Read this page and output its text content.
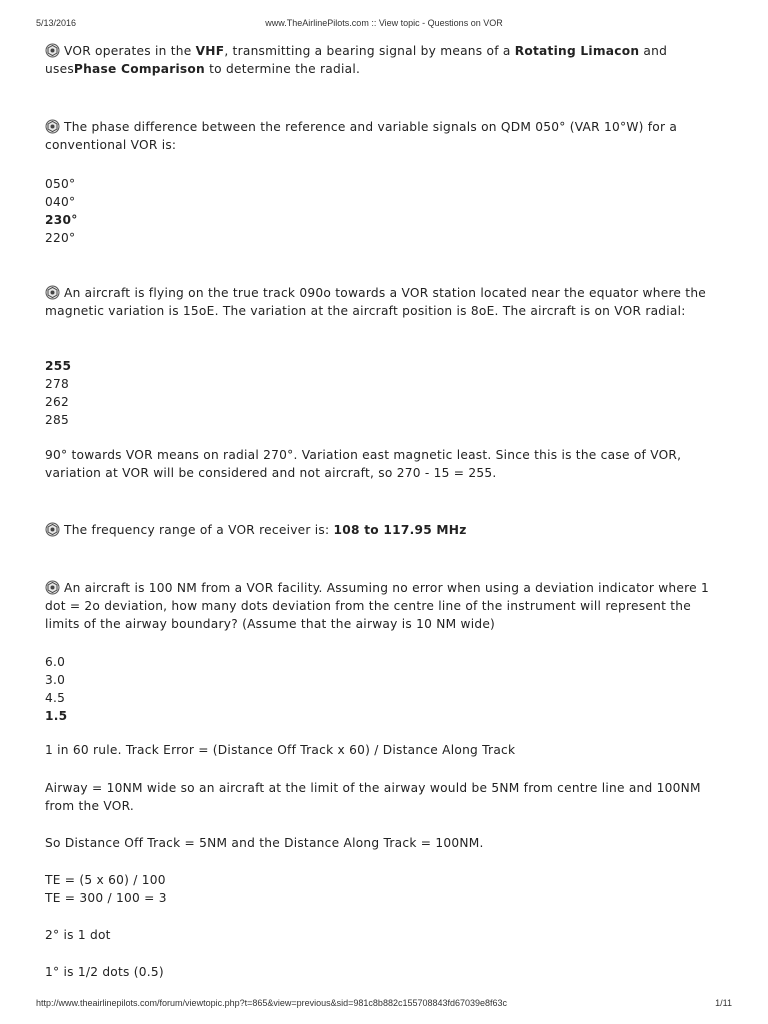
5/13/2016	www.TheAirlinePilots.com :: View topic - Questions on VOR

VOR operates in the VHF, transmitting a bearing signal by means of a Rotating Limacon and usesPhase Comparison to determine the radial.

The phase difference between the reference and variable signals on QDM 050° (VAR 10°W) for a conventional VOR is:

050°

040°

230°

220°

An aircraft is flying on the true track 090o towards a VOR station located near the equator where the magnetic variation is 15oE. The variation at the aircraft position is 8oE. The aircraft is on VOR radial:

255

278

262

285

90° towards VOR means on radial 270°. Variation east magnetic least. Since this is the case of VOR, variation at VOR will be considered and not aircraft, so 270 - 15 = 255.

The frequency range of a VOR receiver is: 108 to 117.95 MHz

An aircraft is 100 NM from a VOR facility. Assuming no error when using a deviation indicator where 1 dot = 2o deviation, how many dots deviation from the centre line of the instrument will represent the limits of the airway boundary? (Assume that the airway is 10 NM wide)

6.0

3.0

4.5

1.5

1 in 60 rule. Track Error = (Distance Off Track x 60) / Distance Along Track

Airway = 10NM wide so an aircraft at the limit of the airway would be 5NM from centre line and 100NM from the VOR.

So Distance Off Track = 5NM and the Distance Along Track = 100NM.

TE = (5 x 60) / 100

TE = 300 / 100 = 3

2° is 1 dot

1° is 1/2 dots (0.5)

http://www.theairlinepilots.com/forum/viewtopic.php?t=865&view=previous&sid=981c8b882c155708843fd67039e8f63c	1/11
